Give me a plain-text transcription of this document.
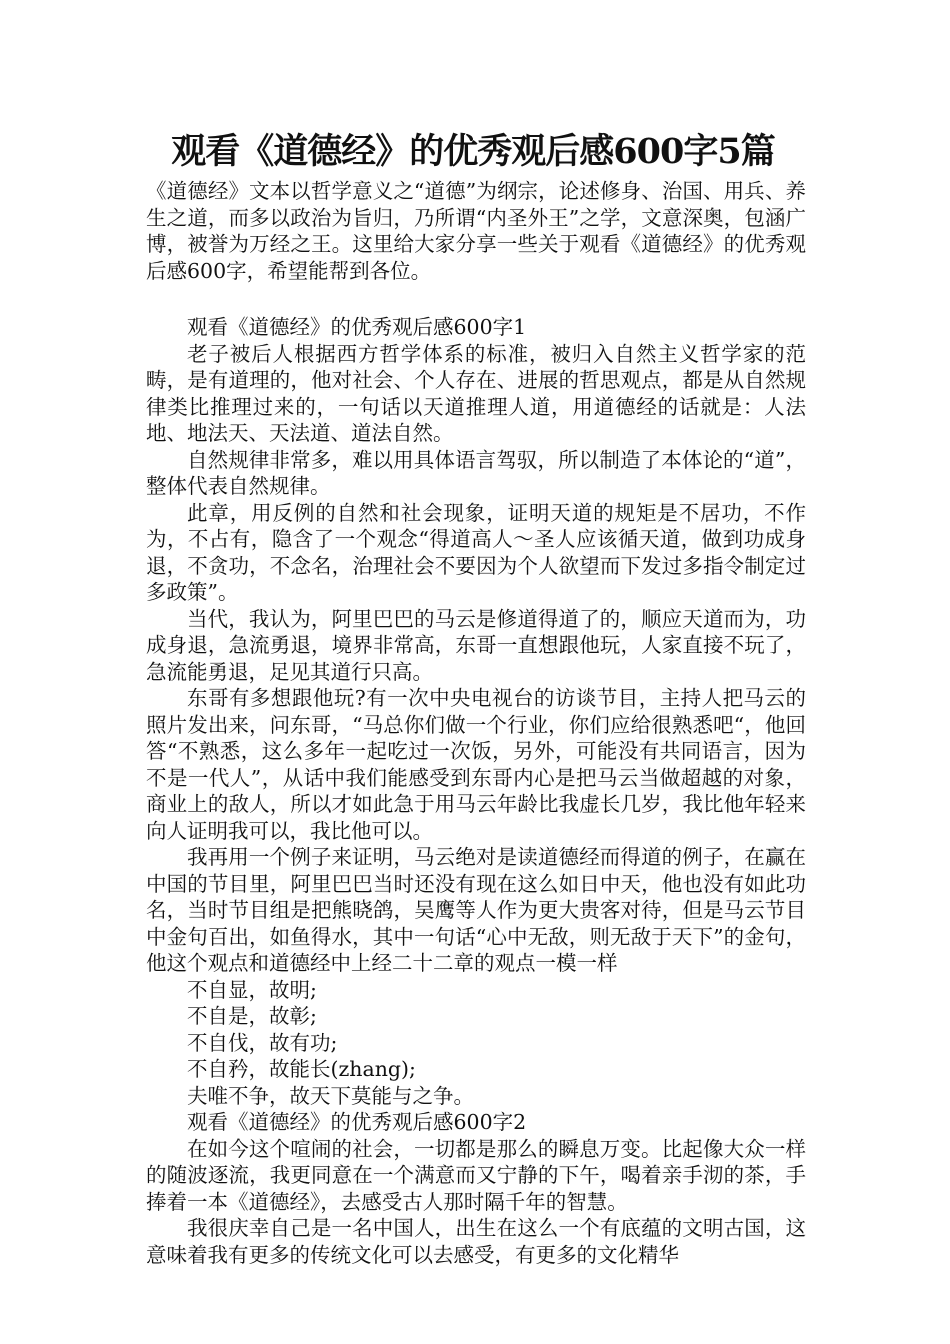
观看《道德经》的优秀观后感600字5篇

《道德经》文本以哲学意义之“道德”为纲宗，论述修身、治国、用兵、养生之道，而多以政治为旨归，乃所谓“内圣外王”之学，文意深奥，包涵广博，被誉为万经之王。这里给大家分享一些关于观看《道德经》的优秀观后感600字，希望能帮到各位。

观看《道德经》的优秀观后感600字1

老子被后人根据西方哲学体系的标准，被归入自然主义哲学家的范畴，是有道理的，他对社会、个人存在、进展的哲思观点，都是从自然规律类比推理过来的，一句话以天道推理人道，用道德经的话就是：人法地、地法天、天法道、道法自然。

自然规律非常多，难以用具体语言驾驭，所以制造了本体论的“道”，整体代表自然规律。

此章，用反例的自然和社会现象，证明天道的规矩是不居功，不作为，不占有，隐含了一个观念“得道高人～圣人应该循天道，做到功成身退，不贪功，不念名，治理社会不要因为个人欲望而下发过多指令制定过多政策”。

当代，我认为，阿里巴巴的马云是修道得道了的，顺应天道而为，功成身退，急流勇退，境界非常高，东哥一直想跟他玩，人家直接不玩了，急流能勇退，足见其道行只高。

东哥有多想跟他玩?有一次中央电视台的访谈节目，主持人把马云的照片发出来，问东哥，“马总你们做一个行业，你们应给很熟悉吧“，他回答“不熟悉，这么多年一起吃过一次饭，另外，可能没有共同语言，因为不是一代人”，从话中我们能感受到东哥内心是把马云当做超越的对象，商业上的敌人，所以才如此急于用马云年龄比我虚长几岁，我比他年轻来向人证明我可以，我比他可以。

我再用一个例子来证明，马云绝对是读道德经而得道的例子，在赢在中国的节目里，阿里巴巴当时还没有现在这么如日中天，他也没有如此功名，当时节目组是把熊晓鸽，吴鹰等人作为更大贵客对待，但是马云节目中金句百出，如鱼得水，其中一句话“心中无敌，则无敌于天下”的金句，他这个观点和道德经中上经二十二章的观点一模一样

不自显，故明;

不自是，故彰;

不自伐，故有功;

不自矜，故能长(zhang);

夫唯不争，故天下莫能与之争。

观看《道德经》的优秀观后感600字2

在如今这个喧闹的社会，一切都是那么的瞬息万变。比起像大众一样的随波逐流，我更同意在一个满意而又宁静的下午，喝着亲手沏的茶，手捧着一本《道德经》，去感受古人那时隔千年的智慧。

我很庆幸自己是一名中国人，出生在这么一个有底蕴的文明古国，这意味着我有更多的传统文化可以去感受，有更多的文化精华
